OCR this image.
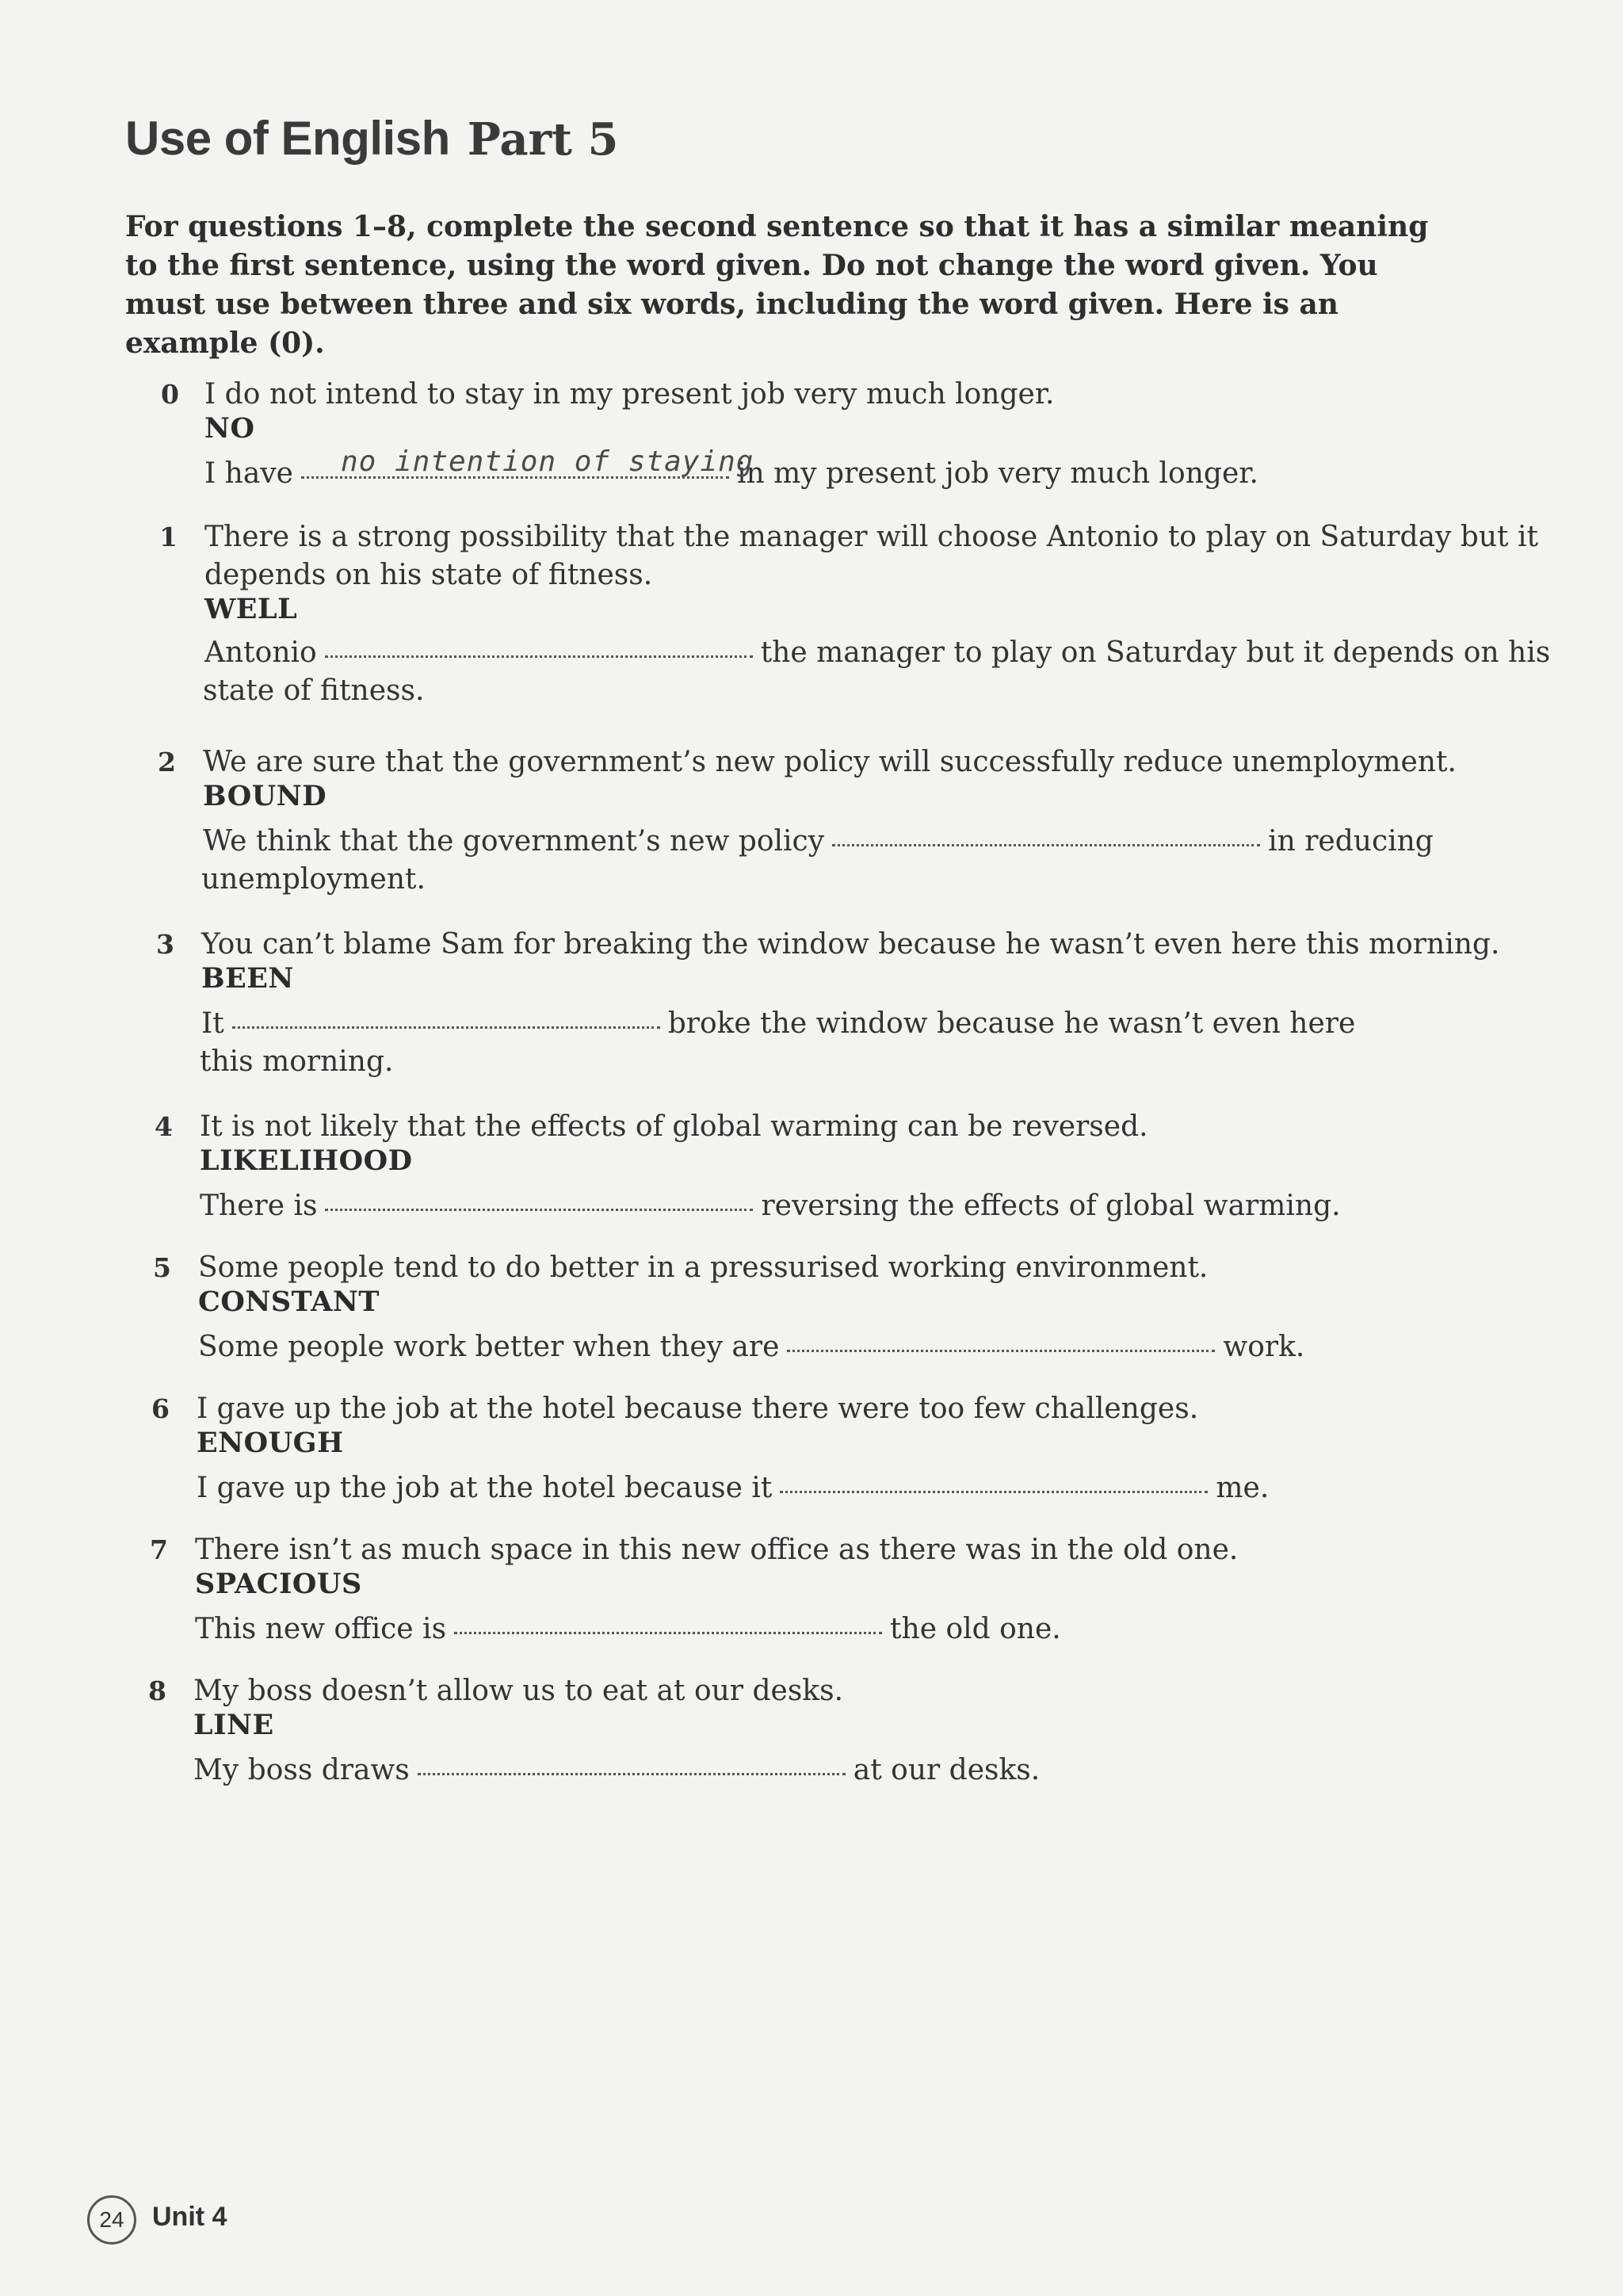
Use of English Part 5
For questions 1–8, complete the second sentence so that it has a similar meaning to the first sentence, using the word given. Do not change the word given. You must use between three and six words, including the word given. Here is an example (0).
0 I do not intend to stay in my present job very much longer.
NO
I have no intention of staying
in my present job very much longer.
1 There is a strong possibility that the manager will choose Antonio to play on Saturday but it
depends on his state of fitness.
WELL
Antonio	the manager to play on Saturday but it depends on his
state of fitness.
2 We are sure that the government’s new policy will successfully reduce unemployment.
BOUND
We think that the government’s new policy	in reducing
unemployment.
3 You can’t blame Sam for breaking the window because he wasn’t even here this morning.
BEEN
It	broke the window because he wasn’t even here
this morning.
4 It is not likely that the effects of global warming can be reversed.
LIKELIHOOD
There is	reversing the effects of global warming.
5 Some people tend to do better in a pressurised working environment.
CONSTANT
Some people work better when they are	work.
6 I gave up the job at the hotel because there were too few challenges.
ENOUGH
I gave up the job at the hotel because it	me.
7 There isn’t as much space in this new office as there was in the old one.
SPACIOUS
This new office is	the old one.
8 My boss doesn’t allow us to eat at our desks.
LINE
My boss draws	at our desks.
24	Unit 4
